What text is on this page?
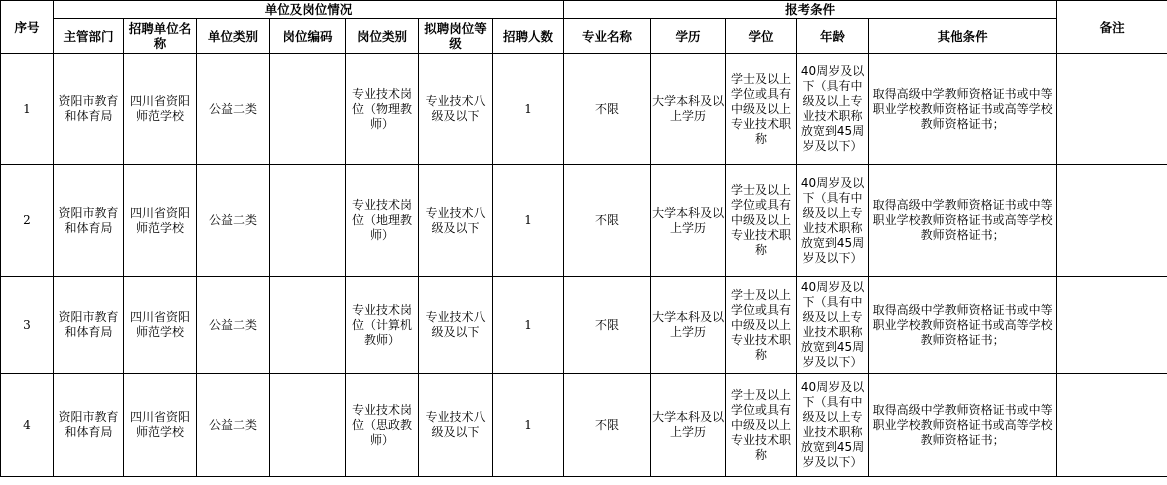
序号	单位及岗位情况							报考条件					备注
	主管部门	招聘单位名称	单位类别	岗位编码	岗位类别	拟聘岗位等级	招聘人数	专业名称	学历	学位	年龄	其他条件	
1	资阳市教育和体育局	四川省资阳师范学校	公益二类		专业技术岗位（物理教师）	专业技术八级及以下	1	不限	大学本科及以上学历	学士及以上学位或具有中级及以上专业技术职称	40周岁及以下（具有中级及以上专业技术职称放宽到45周岁及以下）	取得高级中学教师资格证书或中等职业学校教师资格证书或高等学校教师资格证书；	
2	资阳市教育和体育局	四川省资阳师范学校	公益二类		专业技术岗位（地理教师）	专业技术八级及以下	1	不限	大学本科及以上学历	学士及以上学位或具有中级及以上专业技术职称	40周岁及以下（具有中级及以上专业技术职称放宽到45周岁及以下）	取得高级中学教师资格证书或中等职业学校教师资格证书或高等学校教师资格证书；	
3	资阳市教育和体育局	四川省资阳师范学校	公益二类		专业技术岗位（计算机教师）	专业技术八级及以下	1	不限	大学本科及以上学历	学士及以上学位或具有中级及以上专业技术职称	40周岁及以下（具有中级及以上专业技术职称放宽到45周岁及以下）	取得高级中学教师资格证书或中等职业学校教师资格证书或高等学校教师资格证书；	
4	资阳市教育和体育局	四川省资阳师范学校	公益二类		专业技术岗位（思政教师）	专业技术八级及以下	1	不限	大学本科及以上学历	学士及以上学位或具有中级及以上专业技术职称	40周岁及以下（具有中级及以上专业技术职称放宽到45周岁及以下）	取得高级中学教师资格证书或中等职业学校教师资格证书或高等学校教师资格证书；	
